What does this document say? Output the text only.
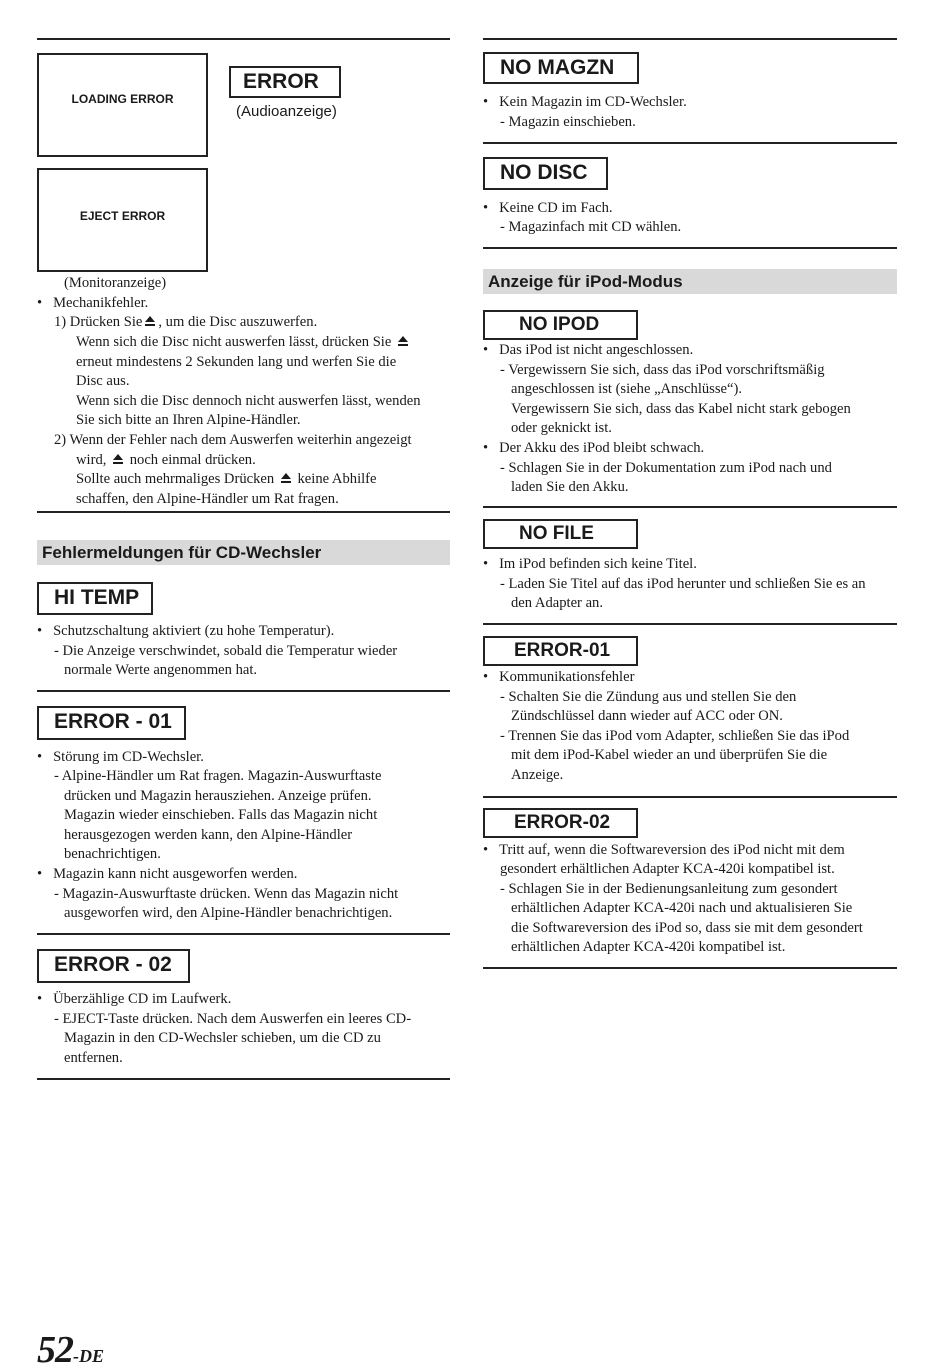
LOADING ERROR
EJECT ERROR
ERROR
(Audioanzeige)
(Monitoranzeige)
•   Mechanikfehler.
1) Drücken Sie , um die Disc auszuwerfen.
Wenn sich die Disc nicht auswerfen lässt, drücken Sie
erneut mindestens 2 Sekunden lang und werfen Sie die
Disc aus.
Wenn sich die Disc dennoch nicht auswerfen lässt, wenden
Sie sich bitte an Ihren Alpine-Händler.
2) Wenn der Fehler nach dem Auswerfen weiterhin angezeigt
wird, noch einmal drücken.
Sollte auch mehrmaliges Drücken keine Abhilfe
schaffen, den Alpine-Händler um Rat fragen.
Fehlermeldungen für CD-Wechsler
HI TEMP
•   Schutzschaltung aktiviert (zu hohe Temperatur).
- Die Anzeige verschwindet, sobald die Temperatur wieder
normale Werte angenommen hat.
ERROR - 01
•   Störung im CD-Wechsler.
- Alpine-Händler um Rat fragen. Magazin-Auswurftaste
drücken und Magazin herausziehen. Anzeige prüfen.
Magazin wieder einschieben. Falls das Magazin nicht
herausgezogen werden kann, den Alpine-Händler
benachrichtigen.
•   Magazin kann nicht ausgeworfen werden.
- Magazin-Auswurftaste drücken. Wenn das Magazin nicht
ausgeworfen wird, den Alpine-Händler benachrichtigen.
ERROR - 02
•   Überzählige CD im Laufwerk.
- EJECT-Taste drücken. Nach dem Auswerfen ein leeres CD-
Magazin in den CD-Wechsler schieben, um die CD zu
entfernen.
NO MAGZN
•   Kein Magazin im CD-Wechsler.
- Magazin einschieben.
NO DISC
•   Keine CD im Fach.
- Magazinfach mit CD wählen.
Anzeige für iPod-Modus
NO IPOD
•   Das iPod ist nicht angeschlossen.
- Vergewissern Sie sich, dass das iPod vorschriftsmäßig
angeschlossen ist (siehe „Anschlüsse“).
Vergewissern Sie sich, dass das Kabel nicht stark gebogen
oder geknickt ist.
•   Der Akku des iPod bleibt schwach.
- Schlagen Sie in der Dokumentation zum iPod nach und
laden Sie den Akku.
NO FILE
•   Im iPod befinden sich keine Titel.
- Laden Sie Titel auf das iPod herunter und schließen Sie es an
den Adapter an.
ERROR-01
•   Kommunikationsfehler
- Schalten Sie die Zündung aus und stellen Sie den
Zündschlüssel dann wieder auf ACC oder ON.
- Trennen Sie das iPod vom Adapter, schließen Sie das iPod
mit dem iPod-Kabel wieder an und überprüfen Sie die
Anzeige.
ERROR-02
•   Tritt auf, wenn die Softwareversion des iPod nicht mit dem
gesondert erhältlichen Adapter KCA-420i kompatibel ist.
- Schlagen Sie in der Bedienungsanleitung zum gesondert
erhältlichen Adapter KCA-420i nach und aktualisieren Sie
die Softwareversion des iPod so, dass sie mit dem gesondert
erhältlichen Adapter KCA-420i kompatibel ist.
52-DE
